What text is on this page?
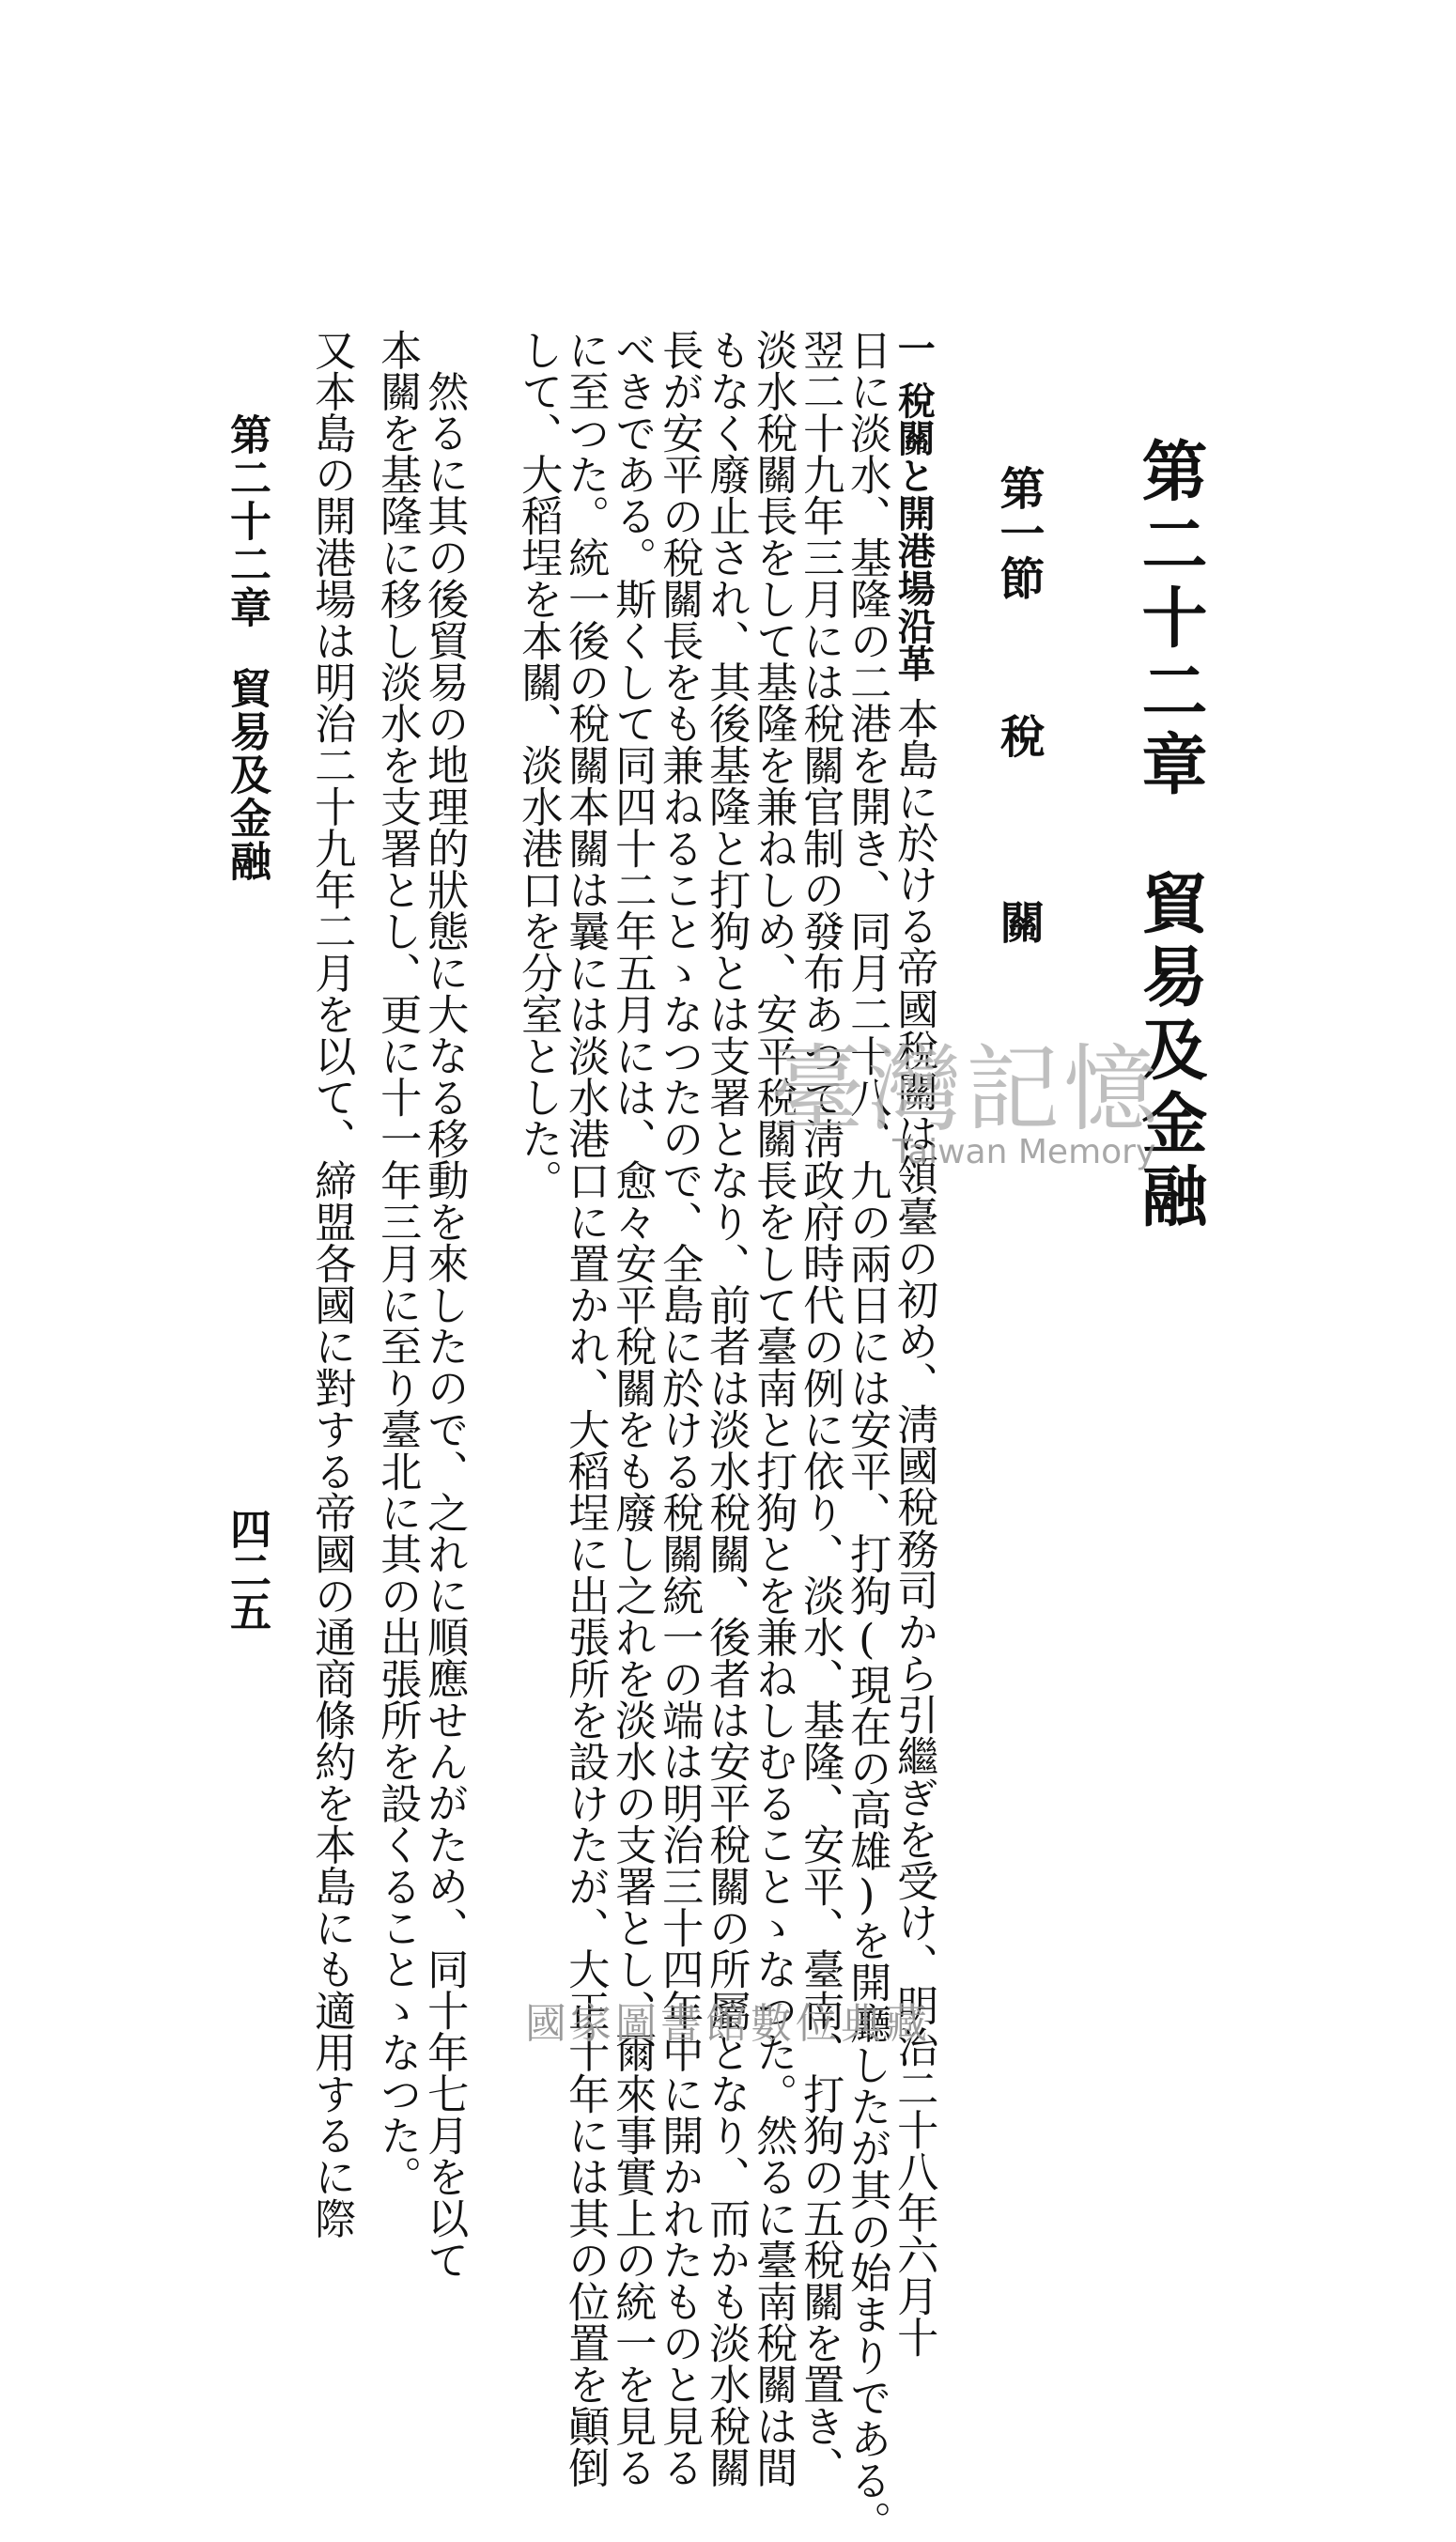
第二十二章貿易及金融
第一節稅關
一稅關と開港場沿革本島に於ける帝國稅關は領臺の初め、淸國稅務司から引繼ぎを受け、明治二十八年六月十
日に淡水、基隆の二港を開き、同月二十八、九の兩日には安平、打狗(現在の高雄)を開廳したが其の始まりである。
翌二十九年三月には稅關官制の發布あつて淸政府時代の例に依り、淡水、基隆、安平、臺南、打狗の五稅關を置き、
淡水稅關長をして基隆を兼ねしめ、安平稅關長をして臺南と打狗とを兼ねしむることゝなつた。然るに臺南稅關は間
もなく廢止され、其後基隆と打狗とは支署となり、前者は淡水稅關、後者は安平稅關の所屬となり、而かも淡水稅關
長が安平の稅關長をも兼ねることゝなつたので、全島に於ける稅關統一の端は明治三十四年中に開かれたものと見る
べきである。斯くして同四十二年五月には、愈々安平稅關をも廢し之れを淡水の支署とし、爾來事實上の統一を見る
に至つた。統一後の稅關本關は曩には淡水港口に置かれ、大稻埕に出張所を設けたが、大正十年には其の位置を顚倒
して、大稻埕を本關、淡水港口を分室とした。
然るに其の後貿易の地理的狀態に大なる移動を來したので、之れに順應せんがため、同十年七月を以て
本關を基隆に移し淡水を支署とし、更に十一年三月に至り臺北に其の出張所を設くることゝなつた。
又本島の開港場は明治二十九年二月を以て、締盟各國に對する帝國の通商條約を本島にも適用するに際
第二十二章貿易及金融
四二五
臺灣記憶
Taiwan Memory
國家圖書館數位典藏
